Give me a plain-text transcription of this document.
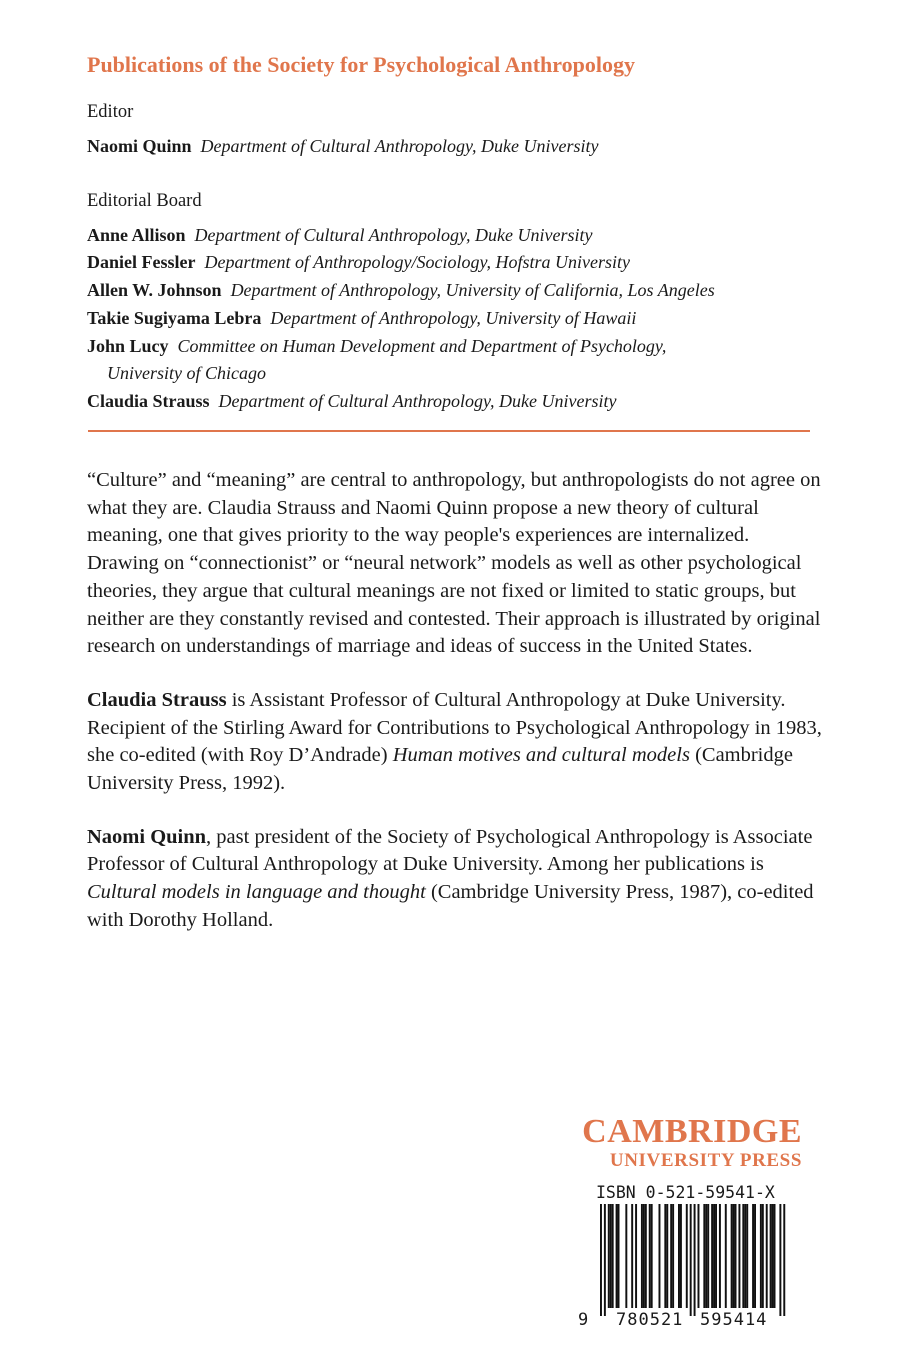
Publications of the Society for Psychological Anthropology
Editor
Naomi Quinn Department of Cultural Anthropology, Duke University
Editorial Board
Anne Allison Department of Cultural Anthropology, Duke University
Daniel Fessler Department of Anthropology/Sociology, Hofstra University
Allen W. Johnson Department of Anthropology, University of California, Los Angeles
Takie Sugiyama Lebra Department of Anthropology, University of Hawaii
John Lucy Committee on Human Development and Department of Psychology,
University of Chicago
Claudia Strauss Department of Cultural Anthropology, Duke University

“Culture” and “meaning” are central to anthropology, but anthropologists do not agree on what they are. Claudia Strauss and Naomi Quinn propose a new theory of cultural meaning, one that gives priority to the way people's experiences are internalized. Drawing on “connectionist” or “neural network” models as well as other psychological theories, they argue that cultural meanings are not fixed or limited to static groups, but neither are they constantly revised and contested. Their approach is illustrated by original research on understandings of marriage and ideas of success in the United States.

Claudia Strauss is Assistant Professor of Cultural Anthropology at Duke University. Recipient of the Stirling Award for Contributions to Psychological Anthropology in 1983, she co-edited (with Roy D’Andrade) Human motives and cultural models (Cambridge University Press, 1992).

Naomi Quinn, past president of the Society of Psychological Anthropology is Associate Professor of Cultural Anthropology at Duke University. Among her publications is Cultural models in language and thought (Cambridge University Press, 1987), co-edited with Dorothy Holland.

CAMBRIDGE
UNIVERSITY PRESS
ISBN 0-521-59541-X
9 780521 595414
